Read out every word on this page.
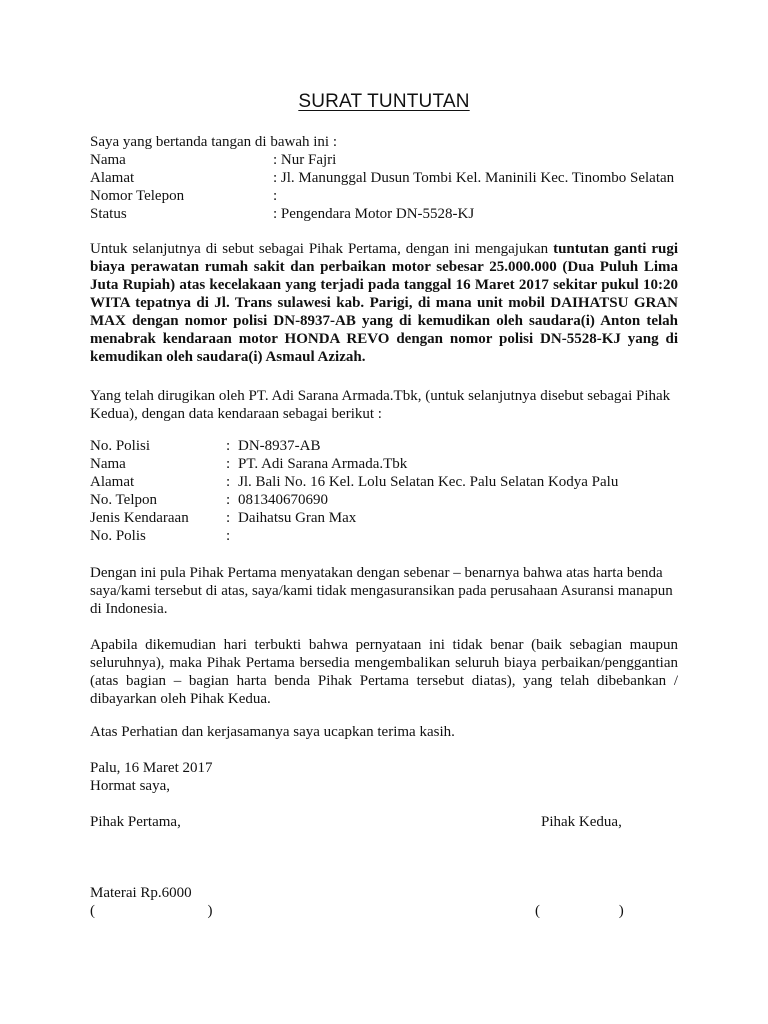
SURAT TUNTUTAN
Saya yang bertanda tangan di bawah ini :
Nama	: Nur Fajri
Alamat	: Jl. Manunggal Dusun Tombi Kel. Maninili Kec. Tinombo Selatan
Nomor Telepon	:
Status	: Pengendara Motor DN-5528-KJ

Untuk selanjutnya di sebut sebagai Pihak Pertama, dengan ini mengajukan tuntutan ganti rugi biaya perawatan rumah sakit dan perbaikan motor sebesar 25.000.000 (Dua Puluh Lima Juta Rupiah) atas kecelakaan yang terjadi pada tanggal 16 Maret 2017 sekitar pukul 10:20 WITA tepatnya di Jl. Trans sulawesi kab. Parigi, di mana unit mobil DAIHATSU GRAN MAX dengan nomor polisi DN-8937-AB yang di kemudikan oleh saudara(i) Anton telah menabrak kendaraan motor HONDA REVO dengan nomor polisi DN-5528-KJ yang di kemudikan oleh saudara(i) Asmaul Azizah.

Yang telah dirugikan oleh PT. Adi Sarana Armada.Tbk, (untuk selanjutnya disebut sebagai Pihak Kedua), dengan data kendaraan sebagai berikut :

No. Polisi	: DN-8937-AB
Nama	: PT. Adi Sarana Armada.Tbk
Alamat	: Jl. Bali No. 16 Kel. Lolu Selatan Kec. Palu Selatan Kodya Palu
No. Telpon	: 081340670690
Jenis Kendaraan	: Daihatsu Gran Max
No. Polis	:

Dengan ini pula Pihak Pertama menyatakan dengan sebenar – benarnya bahwa atas harta benda saya/kami tersebut di atas, saya/kami tidak mengasuransikan pada perusahaan Asuransi manapun di Indonesia.

Apabila dikemudian hari terbukti bahwa pernyataan ini tidak benar (baik sebagian maupun seluruhnya), maka Pihak Pertama bersedia mengembalikan seluruh biaya perbaikan/penggantian (atas bagian – bagian harta benda Pihak Pertama tersebut diatas), yang telah dibebankan / dibayarkan oleh Pihak Kedua.

Atas Perhatian dan kerjasamanya saya ucapkan terima kasih.

Palu, 16 Maret 2017
Hormat saya,
Pihak Pertama,	Pihak Kedua,
Materai Rp.6000
(                              )	(                     )
